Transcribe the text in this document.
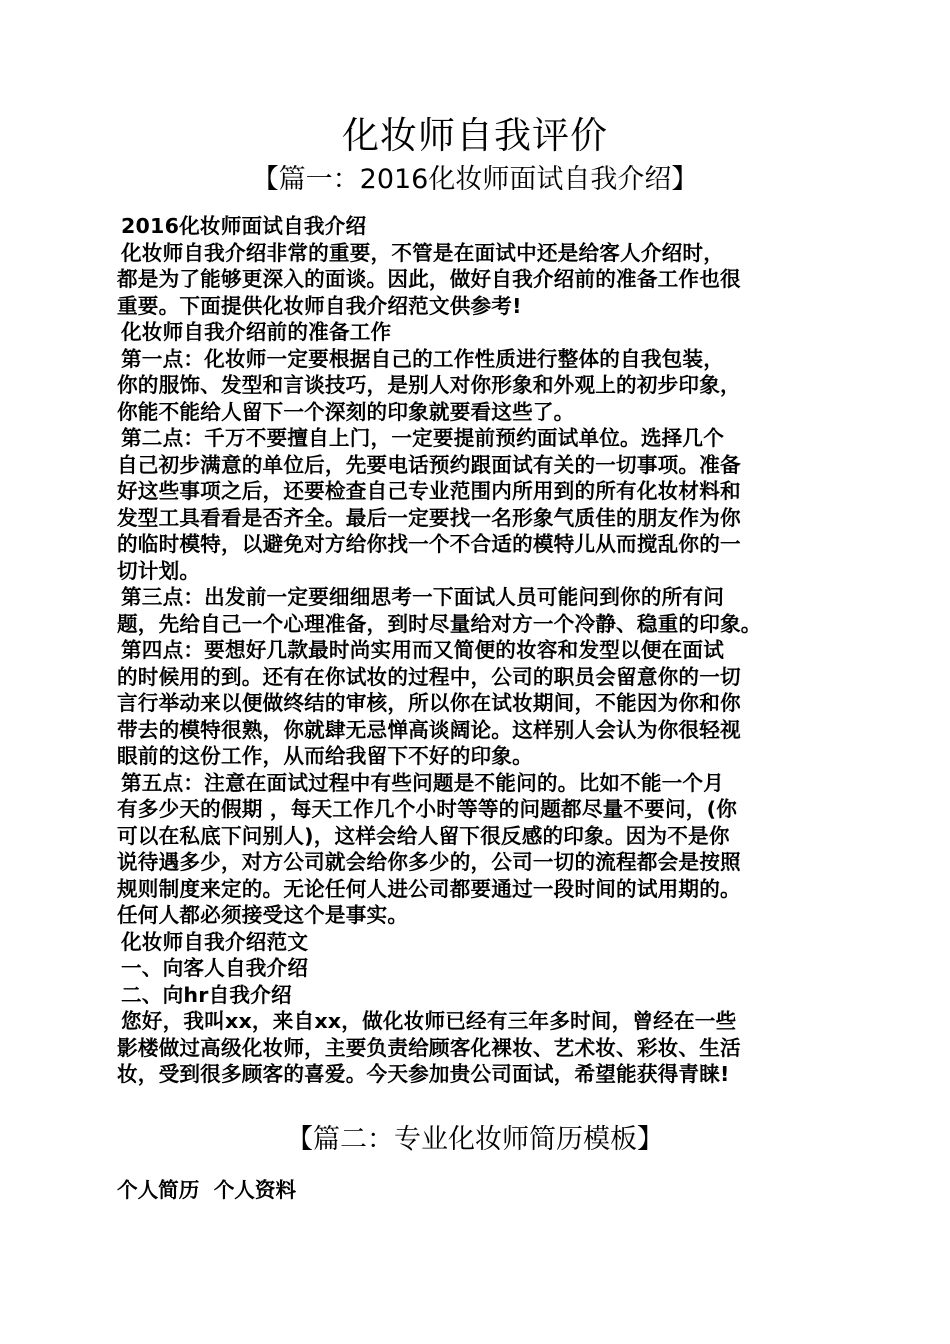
化妆师自我评价
【篇一：2016化妆师面试自我介绍】

2016化妆师面试自我介绍

化妆师自我介绍非常的重要，不管是在面试中还是给客人介绍时，

都是为了能够更深入的面谈。因此，做好自我介绍前的准备工作也很

重要。下面提供化妆师自我介绍范文供参考!

化妆师自我介绍前的准备工作

第一点：化妆师一定要根据自己的工作性质进行整体的自我包装，

你的服饰、发型和言谈技巧，是别人对你形象和外观上的初步印象，

你能不能给人留下一个深刻的印象就要看这些了。

第二点：千万不要擅自上门，一定要提前预约面试单位。选择几个

自己初步满意的单位后，先要电话预约跟面试有关的一切事项。准备

好这些事项之后，还要检查自己专业范围内所用到的所有化妆材料和

发型工具看看是否齐全。最后一定要找一名形象气质佳的朋友作为你

的临时模特，以避免对方给你找一个不合适的模特儿从而搅乱你的一

切计划。

第三点：出发前一定要细细思考一下面试人员可能问到你的所有问

题，先给自己一个心理准备，到时尽量给对方一个冷静、稳重的印象。

第四点：要想好几款最时尚实用而又简便的妆容和发型以便在面试

的时候用的到。还有在你试妆的过程中，公司的职员会留意你的一切

言行举动来以便做终结的审核，所以你在试妆期间，不能因为你和你

带去的模特很熟，你就肆无忌惮高谈阔论。这样别人会认为你很轻视

眼前的这份工作，从而给我留下不好的印象。

第五点：注意在面试过程中有些问题是不能问的。比如不能一个月

有多少天的假期 ，每天工作几个小时等等的问题都尽量不要问，(你

可以在私底下问别人)，这样会给人留下很反感的印象。因为不是你

说待遇多少，对方公司就会给你多少的，公司一切的流程都会是按照

规则制度来定的。无论任何人进公司都要通过一段时间的试用期的。

任何人都必须接受这个是事实。

化妆师自我介绍范文

一、向客人自我介绍

二、向hr自我介绍

您好，我叫xx，来自xx，做化妆师已经有三年多时间，曾经在一些

影楼做过高级化妆师，主要负责给顾客化裸妆、艺术妆、彩妆、生活

妆，受到很多顾客的喜爱。今天参加贵公司面试，希望能获得青睐!

【篇二：专业化妆师简历模板】
个人简历  个人资料
